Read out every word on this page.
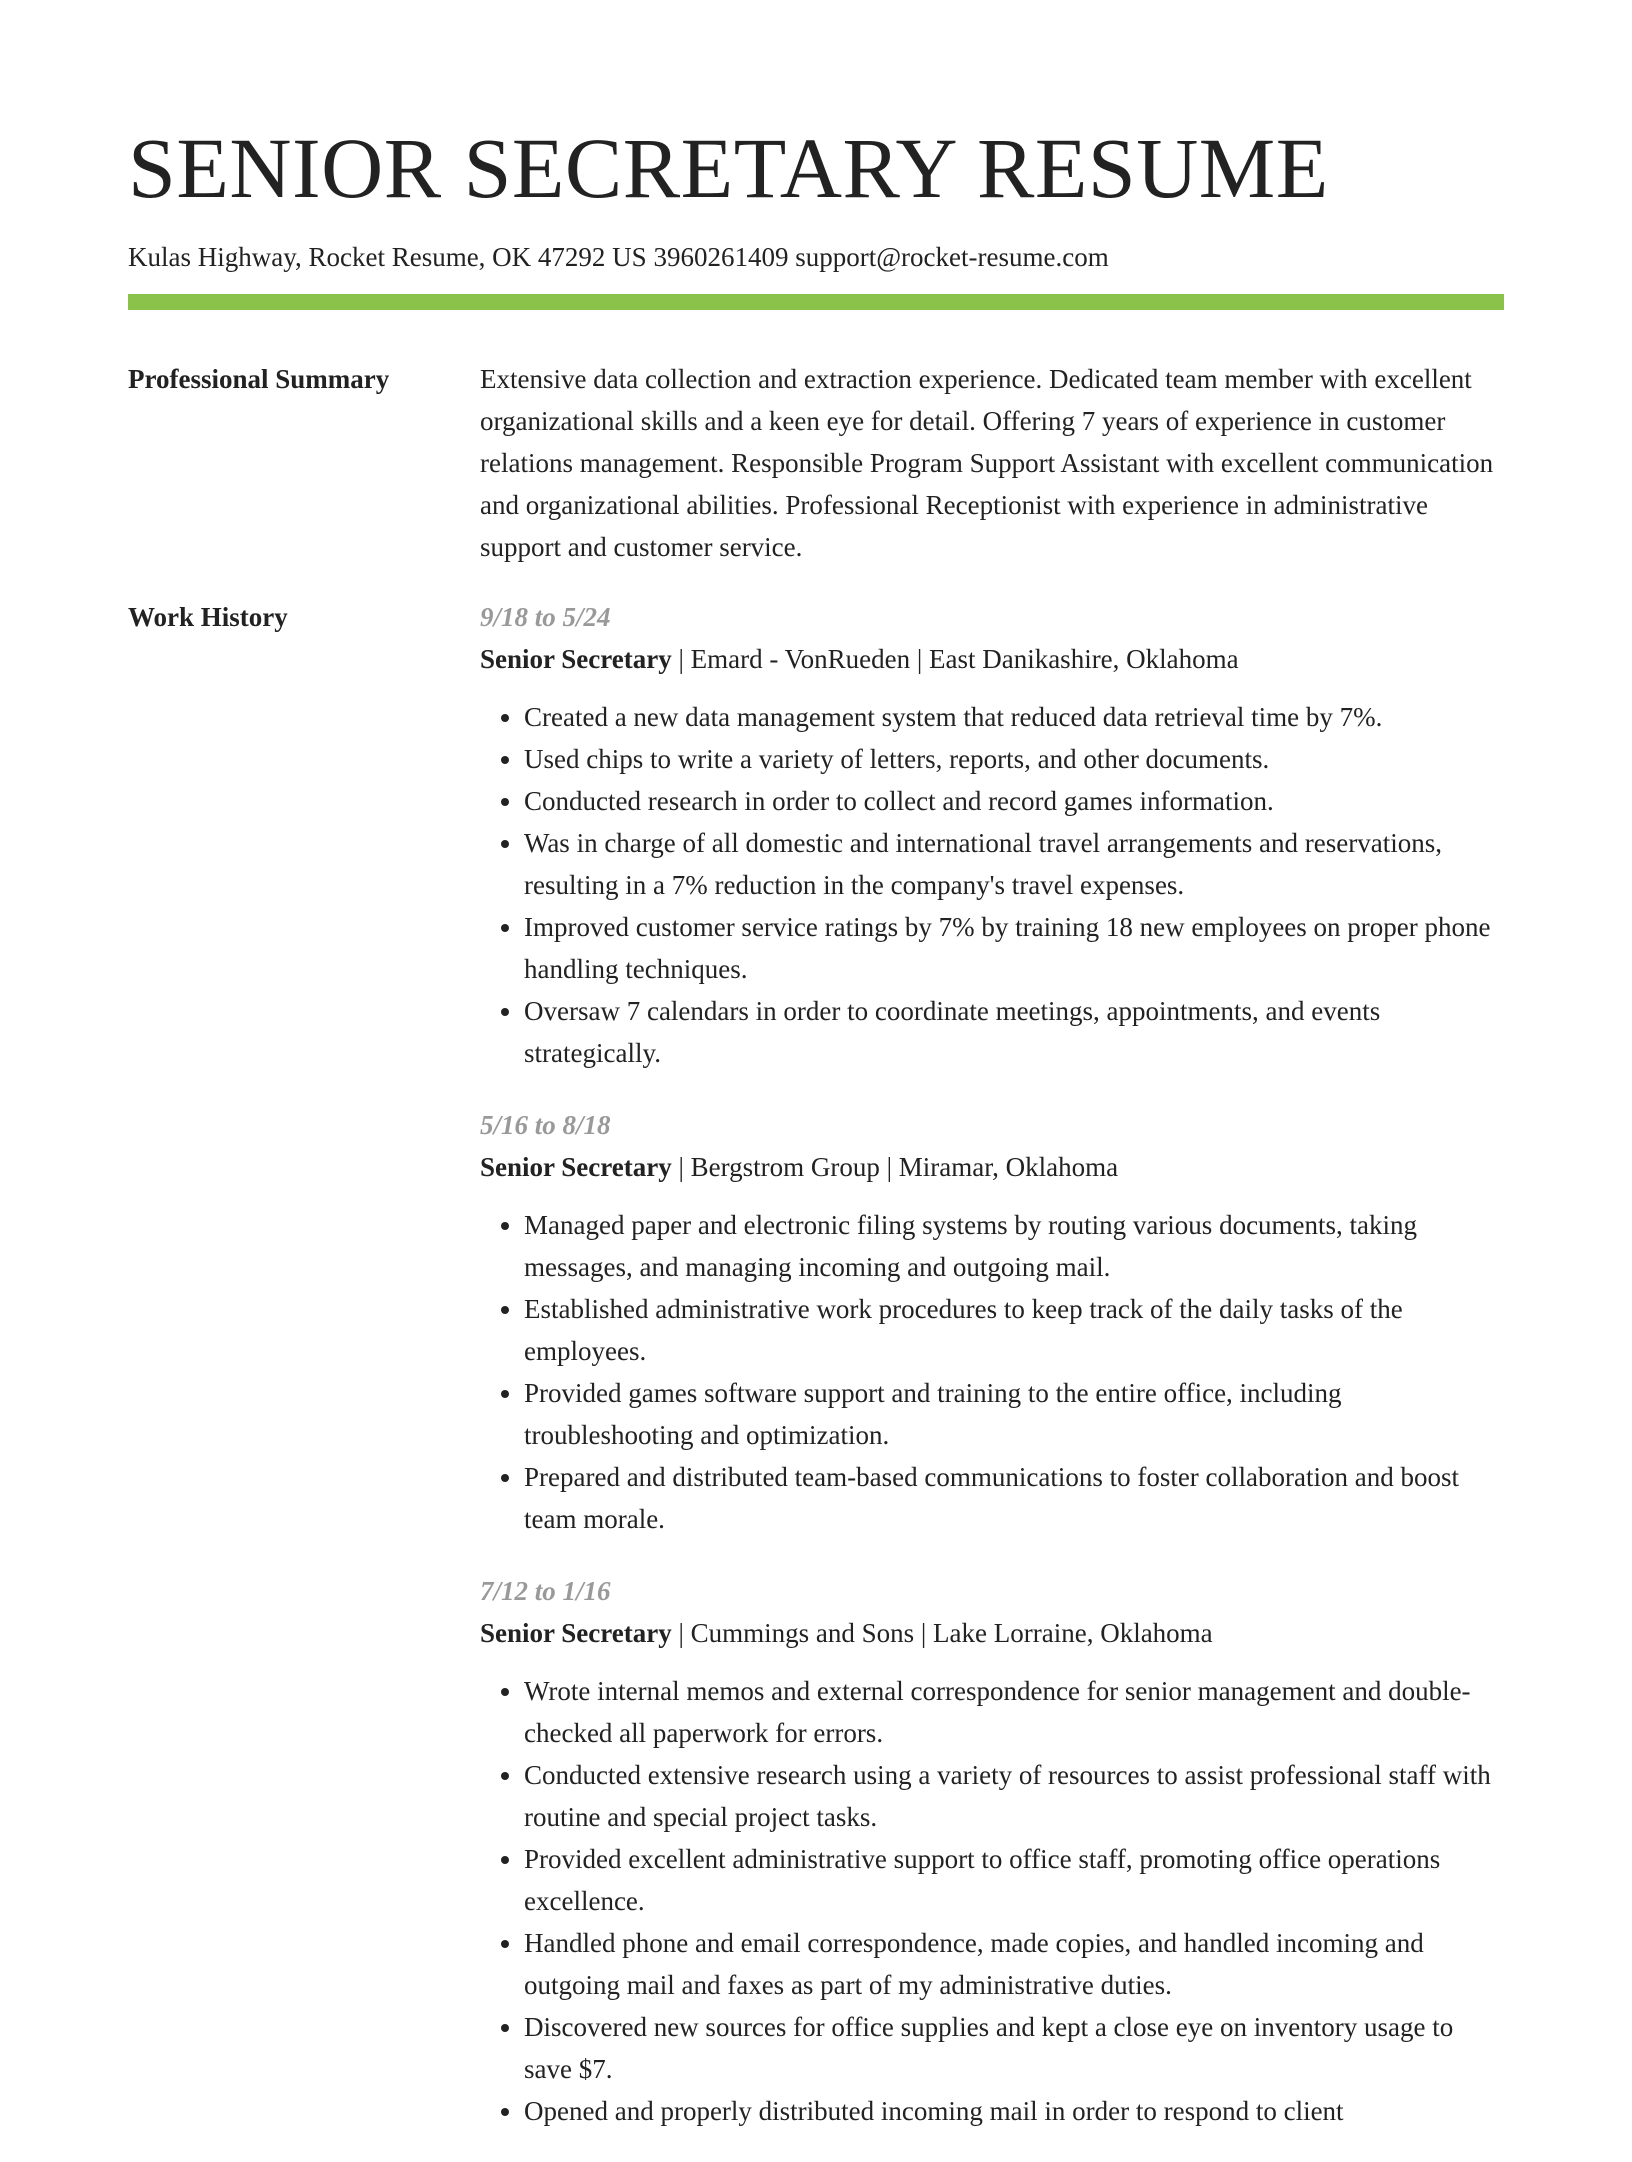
SENIOR SECRETARY RESUME
Kulas Highway, Rocket Resume, OK 47292 US 3960261409 support@rocket-resume.com
Professional Summary	Extensive data collection and extraction experience. Dedicated team member with excellent organizational skills and a keen eye for detail. Offering 7 years of experience in customer relations management. Responsible Program Support Assistant with excellent communication and organizational abilities. Professional Receptionist with experience in administrative support and customer service.

Work History	9/18 to 5/24
Senior Secretary | Emard - VonRueden | East Danikashire, Oklahoma
• Created a new data management system that reduced data retrieval time by 7%.
• Used chips to write a variety of letters, reports, and other documents.
• Conducted research in order to collect and record games information.
• Was in charge of all domestic and international travel arrangements and reservations, resulting in a 7% reduction in the company's travel expenses.
• Improved customer service ratings by 7% by training 18 new employees on proper phone handling techniques.
• Oversaw 7 calendars in order to coordinate meetings, appointments, and events strategically.
5/16 to 8/18
Senior Secretary | Bergstrom Group | Miramar, Oklahoma
• Managed paper and electronic filing systems by routing various documents, taking messages, and managing incoming and outgoing mail.
• Established administrative work procedures to keep track of the daily tasks of the employees.
• Provided games software support and training to the entire office, including troubleshooting and optimization.
• Prepared and distributed team-based communications to foster collaboration and boost team morale.
7/12 to 1/16
Senior Secretary | Cummings and Sons | Lake Lorraine, Oklahoma
• Wrote internal memos and external correspondence for senior management and double-checked all paperwork for errors.
• Conducted extensive research using a variety of resources to assist professional staff with routine and special project tasks.
• Provided excellent administrative support to office staff, promoting office operations excellence.
• Handled phone and email correspondence, made copies, and handled incoming and outgoing mail and faxes as part of my administrative duties.
• Discovered new sources for office supplies and kept a close eye on inventory usage to save $7.
• Opened and properly distributed incoming mail in order to respond to client
